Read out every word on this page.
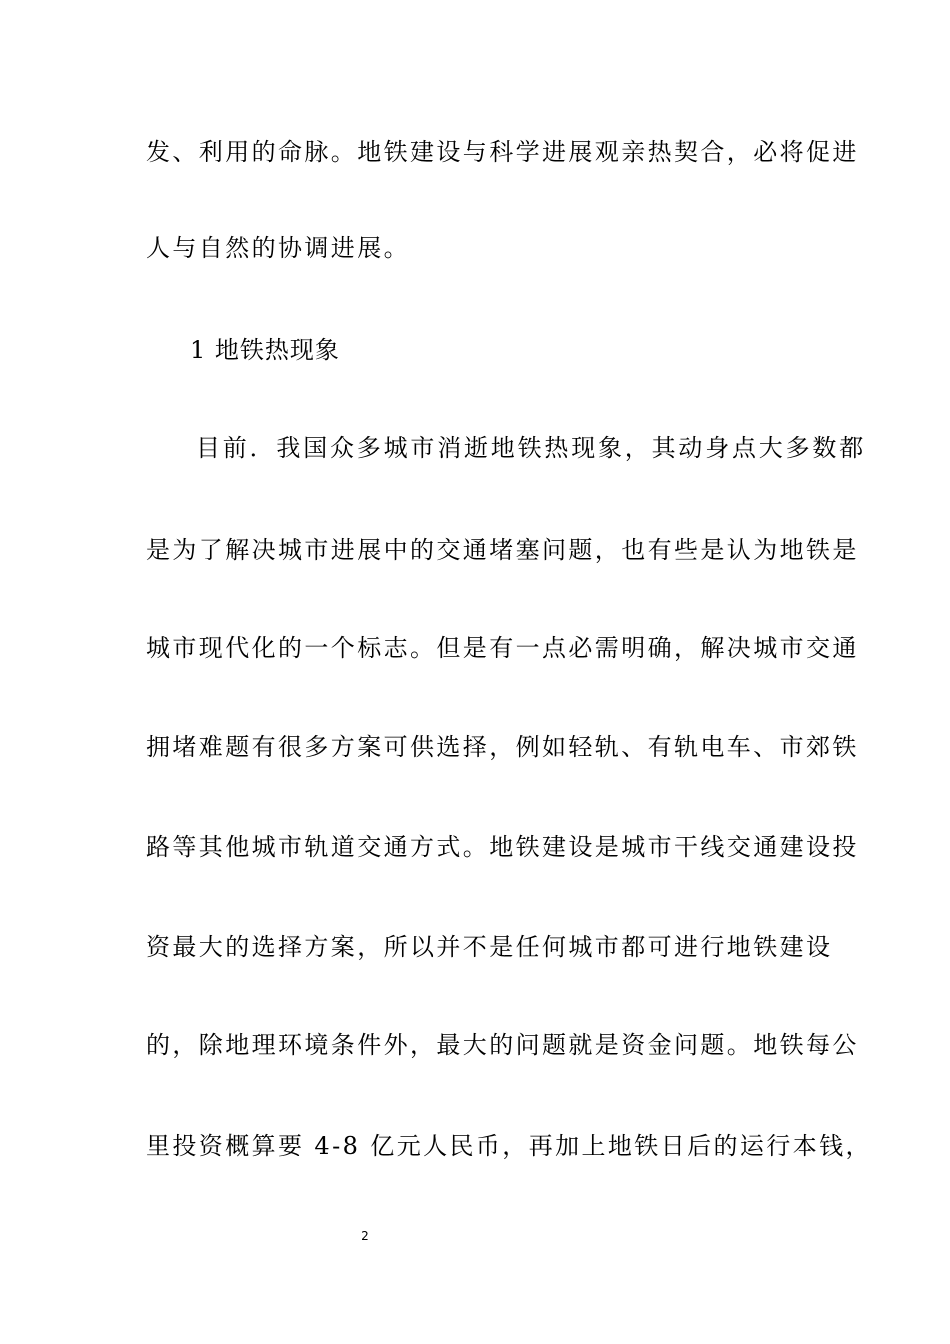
发、利用的命脉。地铁建设与科学进展观亲热契合，必将促进
人与自然的协调进展。
1 地铁热现象
目前．我国众多城市消逝地铁热现象，其动身点大多数都
是为了解决城市进展中的交通堵塞问题，也有些是认为地铁是
城市现代化的一个标志。但是有一点必需明确，解决城市交通
拥堵难题有很多方案可供选择，例如轻轨、有轨电车、市郊铁
路等其他城市轨道交通方式。地铁建设是城市干线交通建设投
资最大的选择方案，所以并不是任何城市都可进行地铁建设
的，除地理环境条件外，最大的问题就是资金问题。地铁每公
里投资概算要 4-8 亿元人民币，再加上地铁日后的运行本钱，
2
